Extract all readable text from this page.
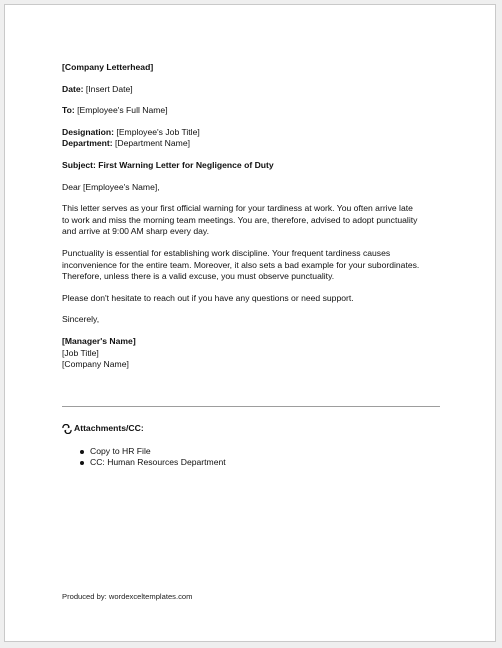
[Company Letterhead]

Date: [Insert Date]

To: [Employee's Full Name]

Designation: [Employee's Job Title]

Department: [Department Name]

Subject: First Warning Letter for Negligence of Duty

Dear [Employee's Name],

This letter serves as your first official warning for your tardiness at work. You often arrive late

to work and miss the morning team meetings. You are, therefore, advised to adopt punctuality

and arrive at 9:00 AM sharp every day.

Punctuality is essential for establishing work discipline. Your frequent tardiness causes

inconvenience for the entire team. Moreover, it also sets a bad example for your subordinates.

Therefore, unless there is a valid excuse, you must observe punctuality.

Please don't hesitate to reach out if you have any questions or need support.

Sincerely,

[Manager's Name]

[Job Title]

[Company Name]

Attachments/CC:
Copy to HR File
CC: Human Resources Department
Produced by: wordexceltemplates.com
